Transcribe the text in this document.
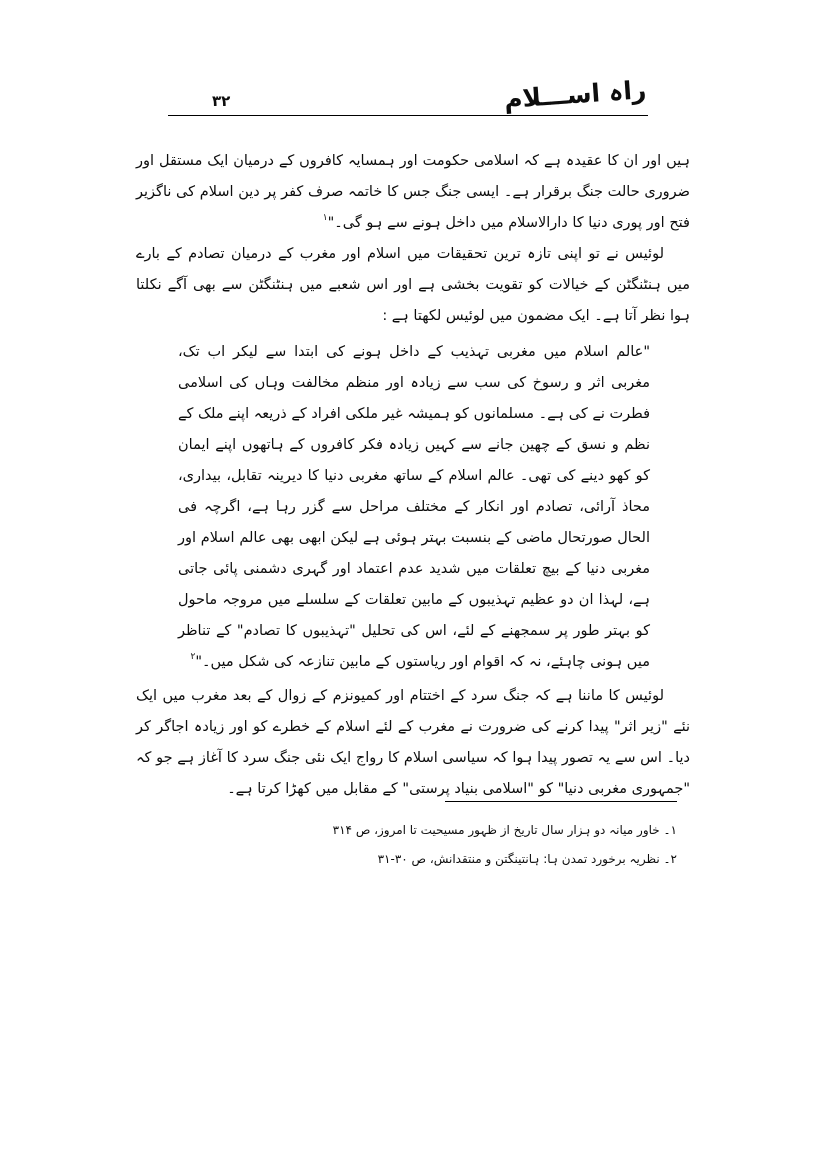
راہ اســـلام
۳۲

ہیں اور ان کا عقیدہ ہے کہ اسلامی حکومت اور ہمسایہ کافروں کے درمیان ایک مستقل اور ضروری حالت جنگ برقرار ہے۔ ایسی جنگ جس کا خاتمہ صرف کفر پر دین اسلام کی ناگزیر فتح اور پوری دنیا کا دارالاسلام میں داخل ہونے سے ہو گی۔"$^۱$

لوئیس نے تو اپنی تازہ ترین تحقیقات میں اسلام اور مغرب کے درمیان تصادم کے بارے میں ہنٹنگٹن کے خیالات کو تقویت بخشی ہے اور اس شعبے میں ہنٹنگٹن سے بھی آگے نکلتا ہوا نظر آتا ہے۔ ایک مضمون میں لوئیس لکھتا ہے :

"عالم اسلام میں مغربی تہذیب کے داخل ہونے کی ابتدا سے لیکر اب تک، مغربی اثر و رسوخ کی سب سے زیادہ اور منظم مخالفت وہاں کی اسلامی فطرت نے کی ہے۔ مسلمانوں کو ہمیشہ غیر ملکی افراد کے ذریعہ اپنے ملک کے نظم و نسق کے چھین جانے سے کہیں زیادہ فکر کافروں کے ہاتھوں اپنے ایمان کو کھو دینے کی تھی۔ عالم اسلام کے ساتھ مغربی دنیا کا دیرینہ تقابل، بیداری، محاذ آرائی، تصادم اور انکار کے مختلف مراحل سے گزر رہا ہے، اگرچہ فی الحال صورتحال ماضی کے بنسبت بہتر ہوئی ہے لیکن ابھی بھی عالم اسلام اور مغربی دنیا کے بیچ تعلقات میں شدید عدم اعتماد اور گہری دشمنی پائی جاتی ہے، لہذا ان دو عظیم تہذیبوں کے مابین تعلقات کے سلسلے میں مروجہ ماحول کو بہتر طور پر سمجھنے کے لئے، اس کی تحلیل "تہذیبوں کا تصادم" کے تناظر میں ہونی چاہئے، نہ کہ اقوام اور ریاستوں کے مابین تنازعہ کی شکل میں۔"$^۲$

لوئیس کا ماننا ہے کہ جنگ سرد کے اختتام اور کمیونزم کے زوال کے بعد مغرب میں ایک نئے "زیر اثر" پیدا کرنے کی ضرورت نے مغرب کے لئے اسلام کے خطرے کو اور زیادہ اجاگر کر دیا۔ اس سے یہ تصور پیدا ہوا کہ سیاسی اسلام کا رواج ایک نئی جنگ سرد کا آغاز ہے جو کہ "جمہوری مغربی دنیا" کو "اسلامی بنیاد پرستی" کے مقابل میں کھڑا کرتا ہے۔

۱۔ خاور میانہ دو ہزار سال تاریخ از ظہور مسیحیت تا امروز، ص ۳۱۴
۲۔ نظریہ برخورد تمدن ہا: ہانتینگتن و منتقدانش، ص ۳۰-۳۱
